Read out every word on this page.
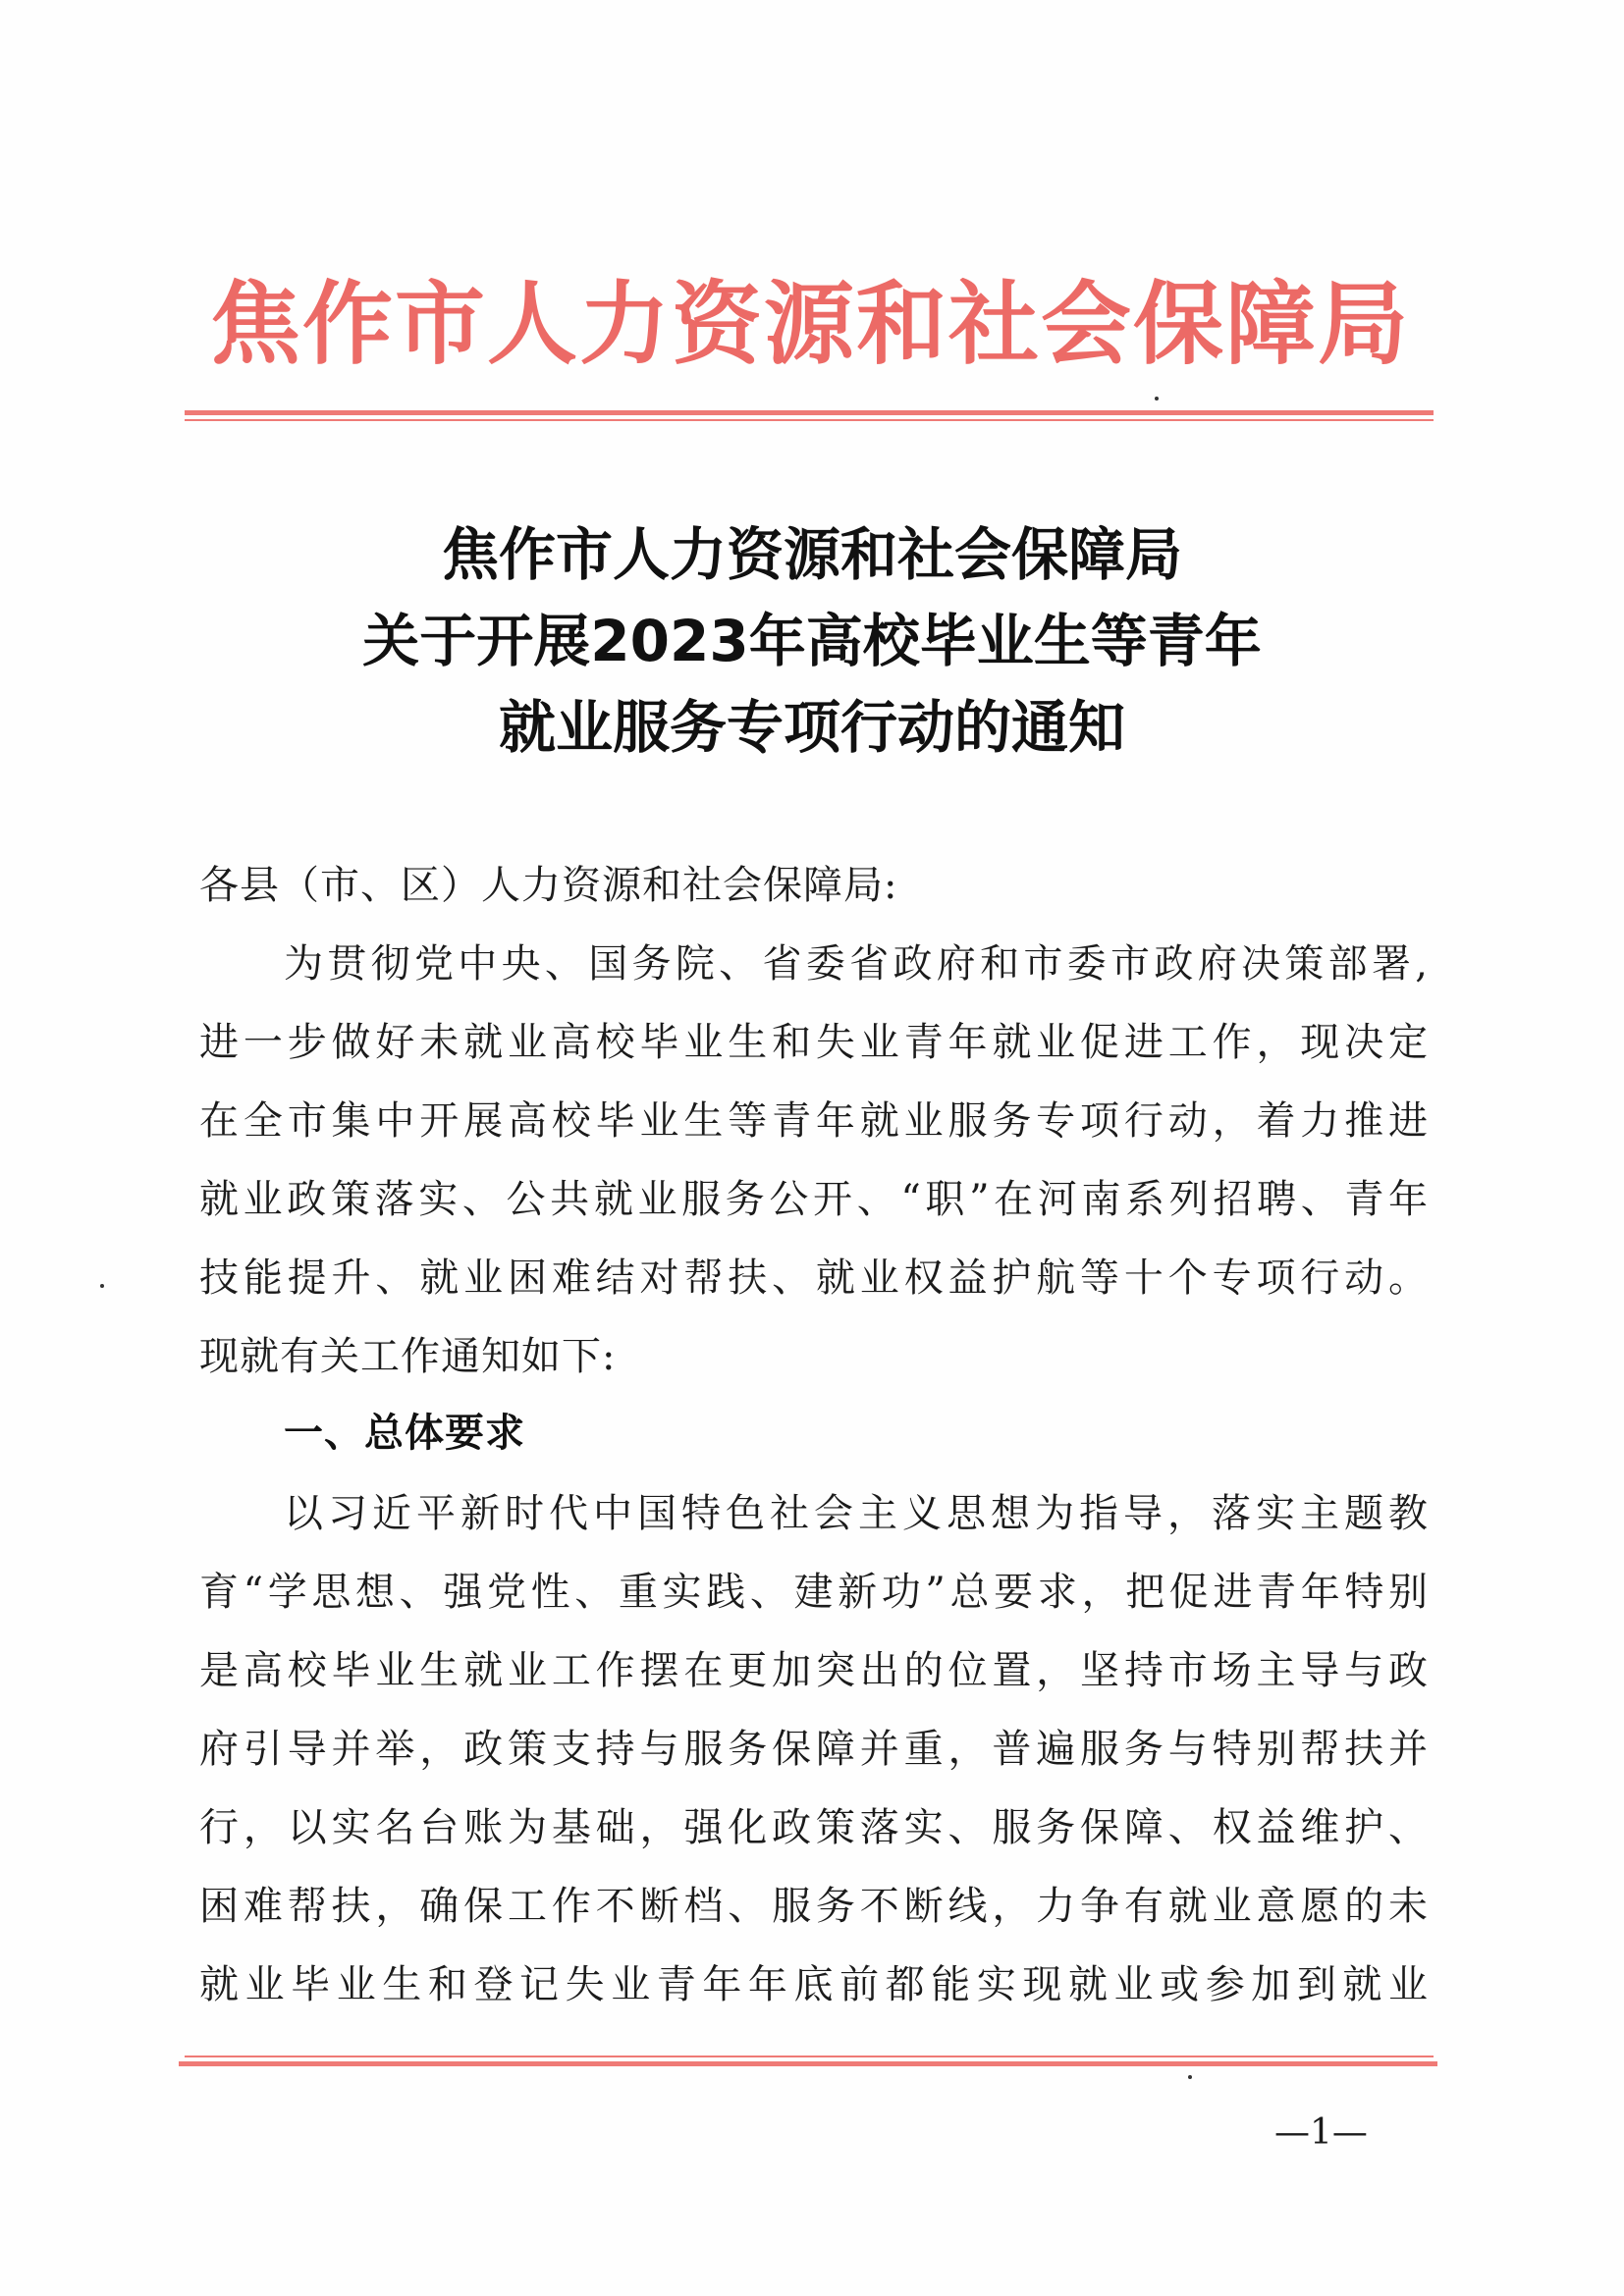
焦作市人力资源和社会保障局
焦作市人力资源和社会保障局
关于开展2023年高校毕业生等青年
就业服务专项行动的通知
各县（市、区）人力资源和社会保障局:
为贯彻党中央、国务院、省委省政府和市委市政府决策部署,
进一步做好未就业高校毕业生和失业青年就业促进工作，现决定
在全市集中开展高校毕业生等青年就业服务专项行动，着力推进
就业政策落实、公共就业服务公开、“职”在河南系列招聘、青年
技能提升、就业困难结对帮扶、就业权益护航等十个专项行动。
现就有关工作通知如下:
一、总体要求
以习近平新时代中国特色社会主义思想为指导，落实主题教
育“学思想、强党性、重实践、建新功”总要求，把促进青年特别
是高校毕业生就业工作摆在更加突出的位置，坚持市场主导与政
府引导并举，政策支持与服务保障并重，普遍服务与特别帮扶并
行，以实名台账为基础，强化政策落实、服务保障、权益维护、
困难帮扶，确保工作不断档、服务不断线，力争有就业意愿的未
就业毕业生和登记失业青年年底前都能实现就业或参加到就业
—1—
